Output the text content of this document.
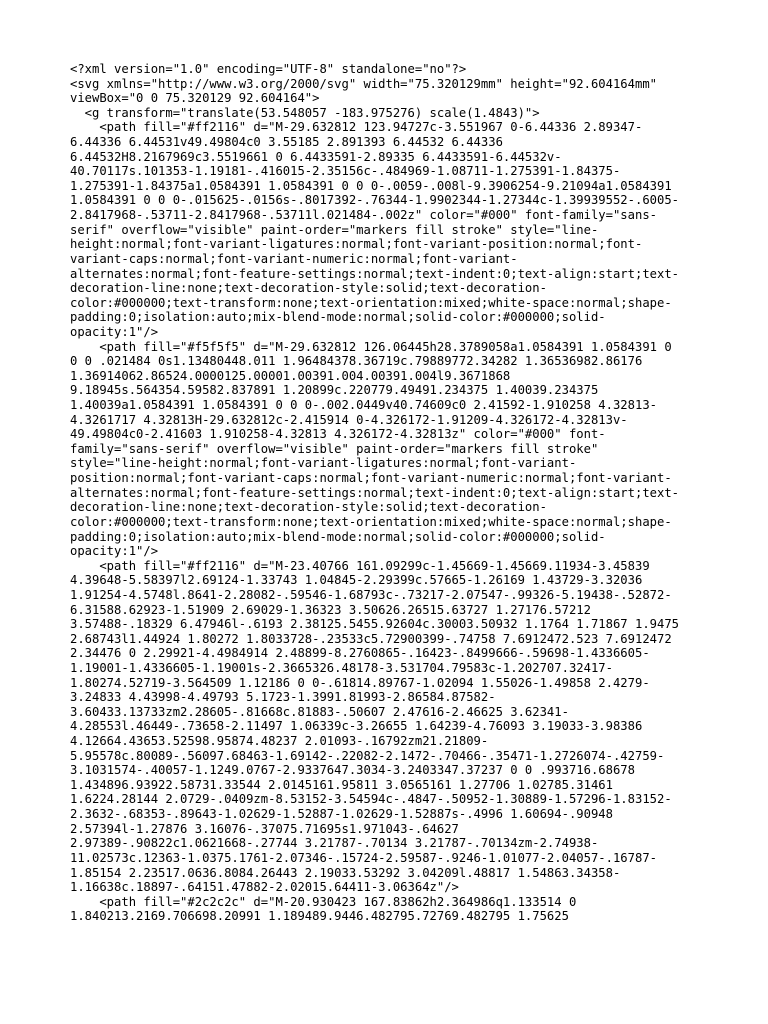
<?xml version="1.0" encoding="UTF-8" standalone="no"?>
<svg xmlns="http://www.w3.org/2000/svg" width="75.320129mm" height="92.604164mm"
viewBox="0 0 75.320129 92.604164">
<g transform="translate(53.548057 -183.975276) scale(1.4843)">
<path fill="#ff2116" d="M-29.632812 123.94727c-3.551967 0-6.44336 2.89347-
6.44336 6.44531v49.49804c0 3.55185 2.891393 6.44532 6.44336
6.44532H8.2167969c3.5519661 0 6.4433591-2.89335 6.4433591-6.44532v-
40.70117s.101353-1.19181-.416015-2.35156c-.484969-1.08711-1.275391-1.84375-
1.275391-1.84375a1.0584391 1.0584391 0 0 0-.0059-.008l-9.3906254-9.21094a1.0584391
1.0584391 0 0 0-.015625-.0156s-.8017392-.76344-1.9902344-1.27344c-1.39939552-.6005-
2.8417968-.53711-2.8417968-.53711l.021484-.002z" color="#000" font-family="sans-
serif" overflow="visible" paint-order="markers fill stroke" style="line-
height:normal;font-variant-ligatures:normal;font-variant-position:normal;font-
variant-caps:normal;font-variant-numeric:normal;font-variant-
alternates:normal;font-feature-settings:normal;text-indent:0;text-align:start;text-
decoration-line:none;text-decoration-style:solid;text-decoration-
color:#000000;text-transform:none;text-orientation:mixed;white-space:normal;shape-
padding:0;isolation:auto;mix-blend-mode:normal;solid-color:#000000;solid-
opacity:1"/>
<path fill="#f5f5f5" d="M-29.632812 126.06445h28.3789058a1.0584391 1.0584391 0
0 0 .021484 0s1.13480448.011 1.96484378.36719c.79889772.34282 1.36536982.86176
1.36914062.86524.0000125.00001.00391.004.00391.004l9.3671868
9.18945s.564354.59582.837891 1.20899c.220779.49491.234375 1.40039.234375
1.40039a1.0584391 1.0584391 0 0 0-.002.0449v40.74609c0 2.41592-1.910258 4.32813-
4.3261717 4.32813H-29.632812c-2.415914 0-4.326172-1.91209-4.326172-4.32813v-
49.49804c0-2.41603 1.910258-4.32813 4.326172-4.32813z" color="#000" font-
family="sans-serif" overflow="visible" paint-order="markers fill stroke"
style="line-height:normal;font-variant-ligatures:normal;font-variant-
position:normal;font-variant-caps:normal;font-variant-numeric:normal;font-variant-
alternates:normal;font-feature-settings:normal;text-indent:0;text-align:start;text-
decoration-line:none;text-decoration-style:solid;text-decoration-
color:#000000;text-transform:none;text-orientation:mixed;white-space:normal;shape-
padding:0;isolation:auto;mix-blend-mode:normal;solid-color:#000000;solid-
opacity:1"/>
<path fill="#ff2116" d="M-23.40766 161.09299c-1.45669-1.45669.11934-3.45839
4.39648-5.58397l2.69124-1.33743 1.04845-2.29399c.57665-1.26169 1.43729-3.32036
1.91254-4.5748l.8641-2.28082-.59546-1.68793c-.73217-2.07547-.99326-5.19438-.52872-
6.31588.62923-1.51909 2.69029-1.36323 3.50626.26515.63727 1.27176.57212
3.57488-.18329 6.47946l-.6193 2.38125.5455.92604c.30003.50932 1.1764 1.71867 1.9475
2.68743l1.44924 1.80272 1.8033728-.23533c5.72900399-.74758 7.6912472.523 7.6912472
2.34476 0 2.29921-4.4984914 2.48899-8.2760865-.16423-.8499666-.59698-1.4336605-
1.19001-1.4336605-1.19001s-2.3665326.48178-3.531704.79583c-1.202707.32417-
1.80274.52719-3.564509 1.12186 0 0-.61814.89767-1.02094 1.55026-1.49858 2.4279-
3.24833 4.43998-4.49793 5.1723-1.3991.81993-2.86584.87582-
3.60433.13733zm2.28605-.81668c.81883-.50607 2.47616-2.46625 3.62341-
4.28553l.46449-.73658-2.11497 1.06339c-3.26655 1.64239-4.76093 3.19033-3.98386
4.12664.43653.52598.95874.48237 2.01093-.16792zm21.21809-
5.95578c.80089-.56097.68463-1.69142-.22082-2.1472-.70466-.35471-1.2726074-.42759-
3.1031574-.40057-1.1249.0767-2.9337647.3034-3.2403347.37237 0 0 .993716.68678
1.434896.93922.58731.33544 2.0145161.95811 3.0565161 1.27706 1.02785.31461
1.6224.28144 2.0729-.0409zm-8.53152-3.54594c-.4847-.50952-1.30889-1.57296-1.83152-
2.3632-.68353-.89643-1.02629-1.52887-1.02629-1.52887s-.4996 1.60694-.90948
2.57394l-1.27876 3.16076-.37075.71695s1.971043-.64627
2.97389-.90822c1.0621668-.27744 3.21787-.70134 3.21787-.70134zm-2.74938-
11.02573c.12363-1.0375.1761-2.07346-.15724-2.59587-.9246-1.01077-2.04057-.16787-
1.85154 2.23517.0636.8084.26443 2.19033.53292 3.04209l.48817 1.54863.34358-
1.16638c.18897-.64151.47882-2.02015.64411-3.06364z"/>
<path fill="#2c2c2c" d="M-20.930423 167.83862h2.364986q1.133514 0
1.840213.2169.706698.20991 1.189489.9446.482795.72769.482795 1.75625
